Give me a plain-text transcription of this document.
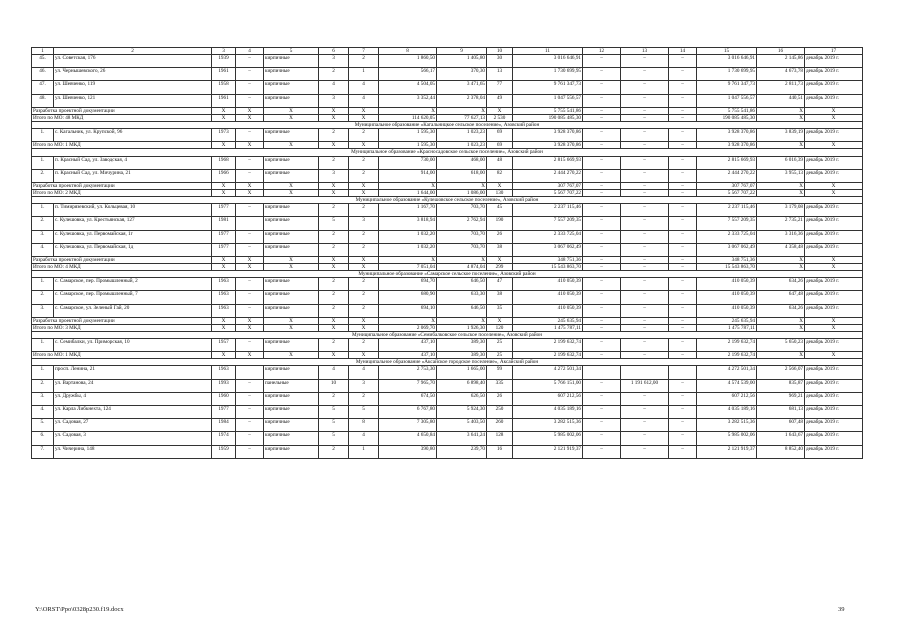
1	2	3	4	5	6	7	8	9	10	11	12	13	14	15	16	17
45.	ул. Советская, 176	1939	–	кирпичные	3	2	1 860,50	1 405,80	30	3 016 646,91	–	–	–	3 016 646,91	2 145,86	декабрь 2019 г.
46.	ул. Чернышевского, 26	1961	–	кирпичные	2	1	566,17	370,30	13	1 730 699,95	–	–	–	1 730 699,95	4 673,78	декабрь 2019 г.
47.	ул. Шевченко, 119	1958	–	кирпичные	4	4	4 504,05	3 471,65	77	9 761 347,73	–	–	–	9 761 347,73	2 811,73	декабрь 2019 г.
48.	ул. Шевченко, 121	1961	–	кирпичные	3	4	3 352,44	2 378,04	49	1 047 556,57	–	–	–	1 047 556,57	440,51	декабрь 2019 г.
Разработка проектной документации		X	X	X	X	X	X	X	X	5 755 541,86	–	–	–	5 755 541,86	X	X
Итого по МО: 48 МКД		X	X	X	X	X	114 620,05	77 627,13	2 530	190 085 485,30	–	–	–	190 085 485,30	X	X
Муниципальное образование «Кагальницкое сельское поселение», Азовский район																
1.	с. Кагальник, ул. Крупской, 96	1973	–	кирпичные	2	2	1 595,30	1 023,23	69	3 928 370,86	–	–	–	3 928 370,86	3 839,19	декабрь 2019 г.
Итого по МО: 1 МКД		X	X	X	X	X	1 595,30	1 023,23	69	3 928 370,86	–	–	–	3 928 370,86	X	X
Муниципальное образование «Красносадовское сельское поселение», Азовский район																
1.	п. Красный Сад, ул. Заводская, 4	1968	–	кирпичные	2	2	730,00	468,00	48	2 815 669,93	–	–	–	2 815 669,93	6 016,39	декабрь 2019 г.
2.	п. Красный Сад, ул. Мичурина, 21	1966	–	кирпичные	3	2	914,00	618,00	82	2 444 270,22	–	–	–	2 444 270,22	3 955,13	декабрь 2019 г.
Разработка проектной документации		X	X	X	X	X	X	X	X	307 767,07	–	–	–	307 767,07	X	X
Итого по МО: 2 МКД		X	X	X	X	X	1 644,00	1 086,00	130	5 567 707,22	–	–	–	5 567 707,22	X	X
Муниципальное образование «Кулешовское сельское поселение», Азовский район																
1.	п. Тимирязевский, ул. Кольцевая, 10	1977	–	кирпичные	2	2	1 167,70	703,70	45	2 237 115,46	–	–	–	2 237 115,46	3 179,08	декабрь 2019 г.
2.	с. Кулешовка, ул. Крестьянская, 127	1981		кирпичные	5	3	3 818,94	2 762,94	190	7 557 209,35	–	–	–	7 557 209,35	2 735,21	декабрь 2019 г.
3.	с. Кулешовка, ул. Первомайская, 1г	1977	–	кирпичные	2	2	1 032,20	703,70	26	2 333 725,04	–	–	–	2 333 725,04	3 316,36	декабрь 2019 г.
4.	с. Кулешовка, ул. Первомайская, 1д	1977	–	кирпичные	2	2	1 032,20	703,70	38	3 067 062,49	–	–	–	3 067 062,49	4 358,48	декабрь 2019 г.
Разработка проектной документации		X	X	X	X	X	X	X	X	348 751,36	–	–	–	348 751,36	X	X
Итого по МО: 4 МКД		X	X	X	X	X	7 051,04	4 874,04	299	15 543 863,70	–	–	–	15 543 863,70	X	X
Муниципальное образование «Самарское сельское поселение», Азовский район																
1.	с. Самарское, пер. Промышленный, 2	1963	–	кирпичные	2	2	694,70	646,50	47	410 050,39	–	–	–	410 050,39	634,26	декабрь 2019 г.
2.	с. Самарское, пер. Промышленный, 7	1963	–	кирпичные	2	2	680,90	633,30	38	410 050,39	–	–	–	410 050,39	647,48	декабрь 2019 г.
3.	с. Самарское, ул. Зеленый Гай, 20	1963	–	кирпичные	2	2	694,10	646,50	35	410 050,39	–	–	–	410 050,39	634,26	декабрь 2019 г.
Разработка проектной документации		X	X	X	X	X	X	X	X	245 635,94	–	–	–	245 635,94	X	X
Итого по МО: 3 МКД		X	X	X	X	X	2 069,70	1 926,30	120	1 475 787,11	–	–	–	1 475 787,11	X	X
Муниципальное образование «Семибалковское сельское поселение», Азовский район																
1.	с. Семибалки, ул. Приморская, 10	1957	–	кирпичные	2	2	437,10	389,30	25	2 199 632,74	–	–	–	2 199 632,74	5 650,23	декабрь 2019 г.
Итого по МО: 1 МКД		X	X	X	X	X	437,10	389,30	25	2 199 632,74	–	–	–	2 199 632,74	X	X
Муниципальное образование «Аксайское городское поселение», Аксайский район																
1.	просп. Ленина, 21	1963		кирпичные	4	4	2 753,30	1 665,00	99	4 272 501,34				4 272 501,34	2 566,07	декабрь 2019 г.
2.	ул. Вартанова, 24	1993	–	панельные	10	3	7 965,70	6 898,40	335	5 766 151,00	–	1 191 612,00	–	4 574 539,00	835,87	декабрь 2019 г.
3.	ул. Дружбы, 4	1960	–	кирпичные	2	2	674,50	626,50	26	607 212,56	–	–	–	607 212,56	969,21	декабрь 2019 г.
4.	ул. Карла Либкнехта, 124	1977	–	кирпичные	5	5	6 767,80	5 924,30	250	4 035 189,16	–	–	–	4 035 189,16	681,13	декабрь 2019 г.
5.	ул. Садовая, 27	1984	–	кирпичные	5	8	7 305,80	5 403,50	260	3 282 515,36	–	–	–	3 282 515,36	607,48	декабрь 2019 г.
6.	ул. Садовая, 3	1974	–	кирпичные	5	4	4 650,84	3 641,24	128	5 985 002,06	–	–	–	5 985 002,06	1 643,67	декабрь 2019 г.
7.	ул. Чичерина, 148	1959	–	кирпичные	2	1	390,80	239,70	16	2 121 919,37	–	–	–	2 121 919,37	8 852,40	декабрь 2019 г.
Y:\ORST\Ppo\0328p230.f19.docx	39
